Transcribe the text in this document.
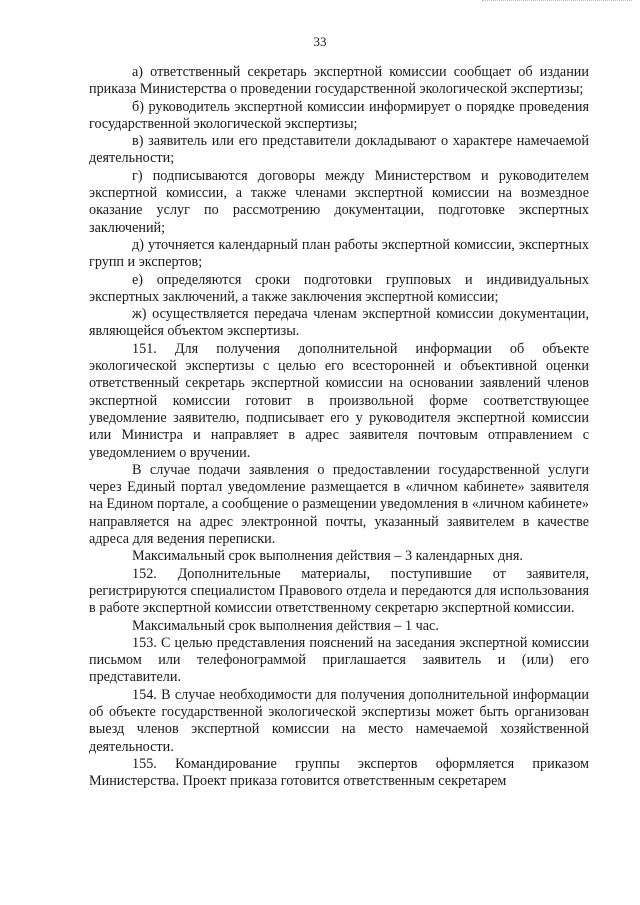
33

а) ответственный секретарь экспертной комиссии сообщает об издании приказа Министерства о проведении государственной экологической экспертизы;

б) руководитель экспертной комиссии информирует о порядке проведения государственной экологической экспертизы;

в) заявитель или его представители докладывают о характере намечаемой деятельности;

г) подписываются договоры между Министерством и руководителем экспертной комиссии, а также членами экспертной комиссии на возмездное оказание услуг по рассмотрению документации, подготовке экспертных заключений;

д) уточняется календарный план работы экспертной комиссии, экспертных групп и экспертов;

е) определяются сроки подготовки групповых и индивидуальных экспертных заключений, а также заключения экспертной комиссии;

ж) осуществляется передача членам экспертной комиссии документации, являющейся объектом экспертизы.

151. Для получения дополнительной информации об объекте экологической экспертизы с целью его всесторонней и объективной оценки ответственный секретарь экспертной комиссии на основании заявлений членов экспертной комиссии готовит в произвольной форме соответствующее уведомление заявителю, подписывает его у руководителя экспертной комиссии или Министра и направляет в адрес заявителя почтовым отправлением с уведомлением о вручении.

В случае подачи заявления о предоставлении государственной услуги через Единый портал уведомление размещается в «личном кабинете» заявителя на Едином портале, а сообщение о размещении уведомления в «личном кабинете» направляется на адрес электронной почты, указанный заявителем в качестве адреса для ведения переписки.

Максимальный срок выполнения действия – 3 календарных дня.

152. Дополнительные материалы, поступившие от заявителя, регистрируются специалистом Правового отдела и передаются для использования в работе экспертной комиссии ответственному секретарю экспертной комиссии.

Максимальный срок выполнения действия – 1 час.

153. С целью представления пояснений на заседания экспертной комиссии письмом или телефонограммой приглашается заявитель и (или) его представители.

154. В случае необходимости для получения дополнительной информации об объекте государственной экологической экспертизы может быть организован выезд членов экспертной комиссии на место намечаемой хозяйственной деятельности.

155. Командирование группы экспертов оформляется приказом Министерства. Проект приказа готовится ответственным секретарем
